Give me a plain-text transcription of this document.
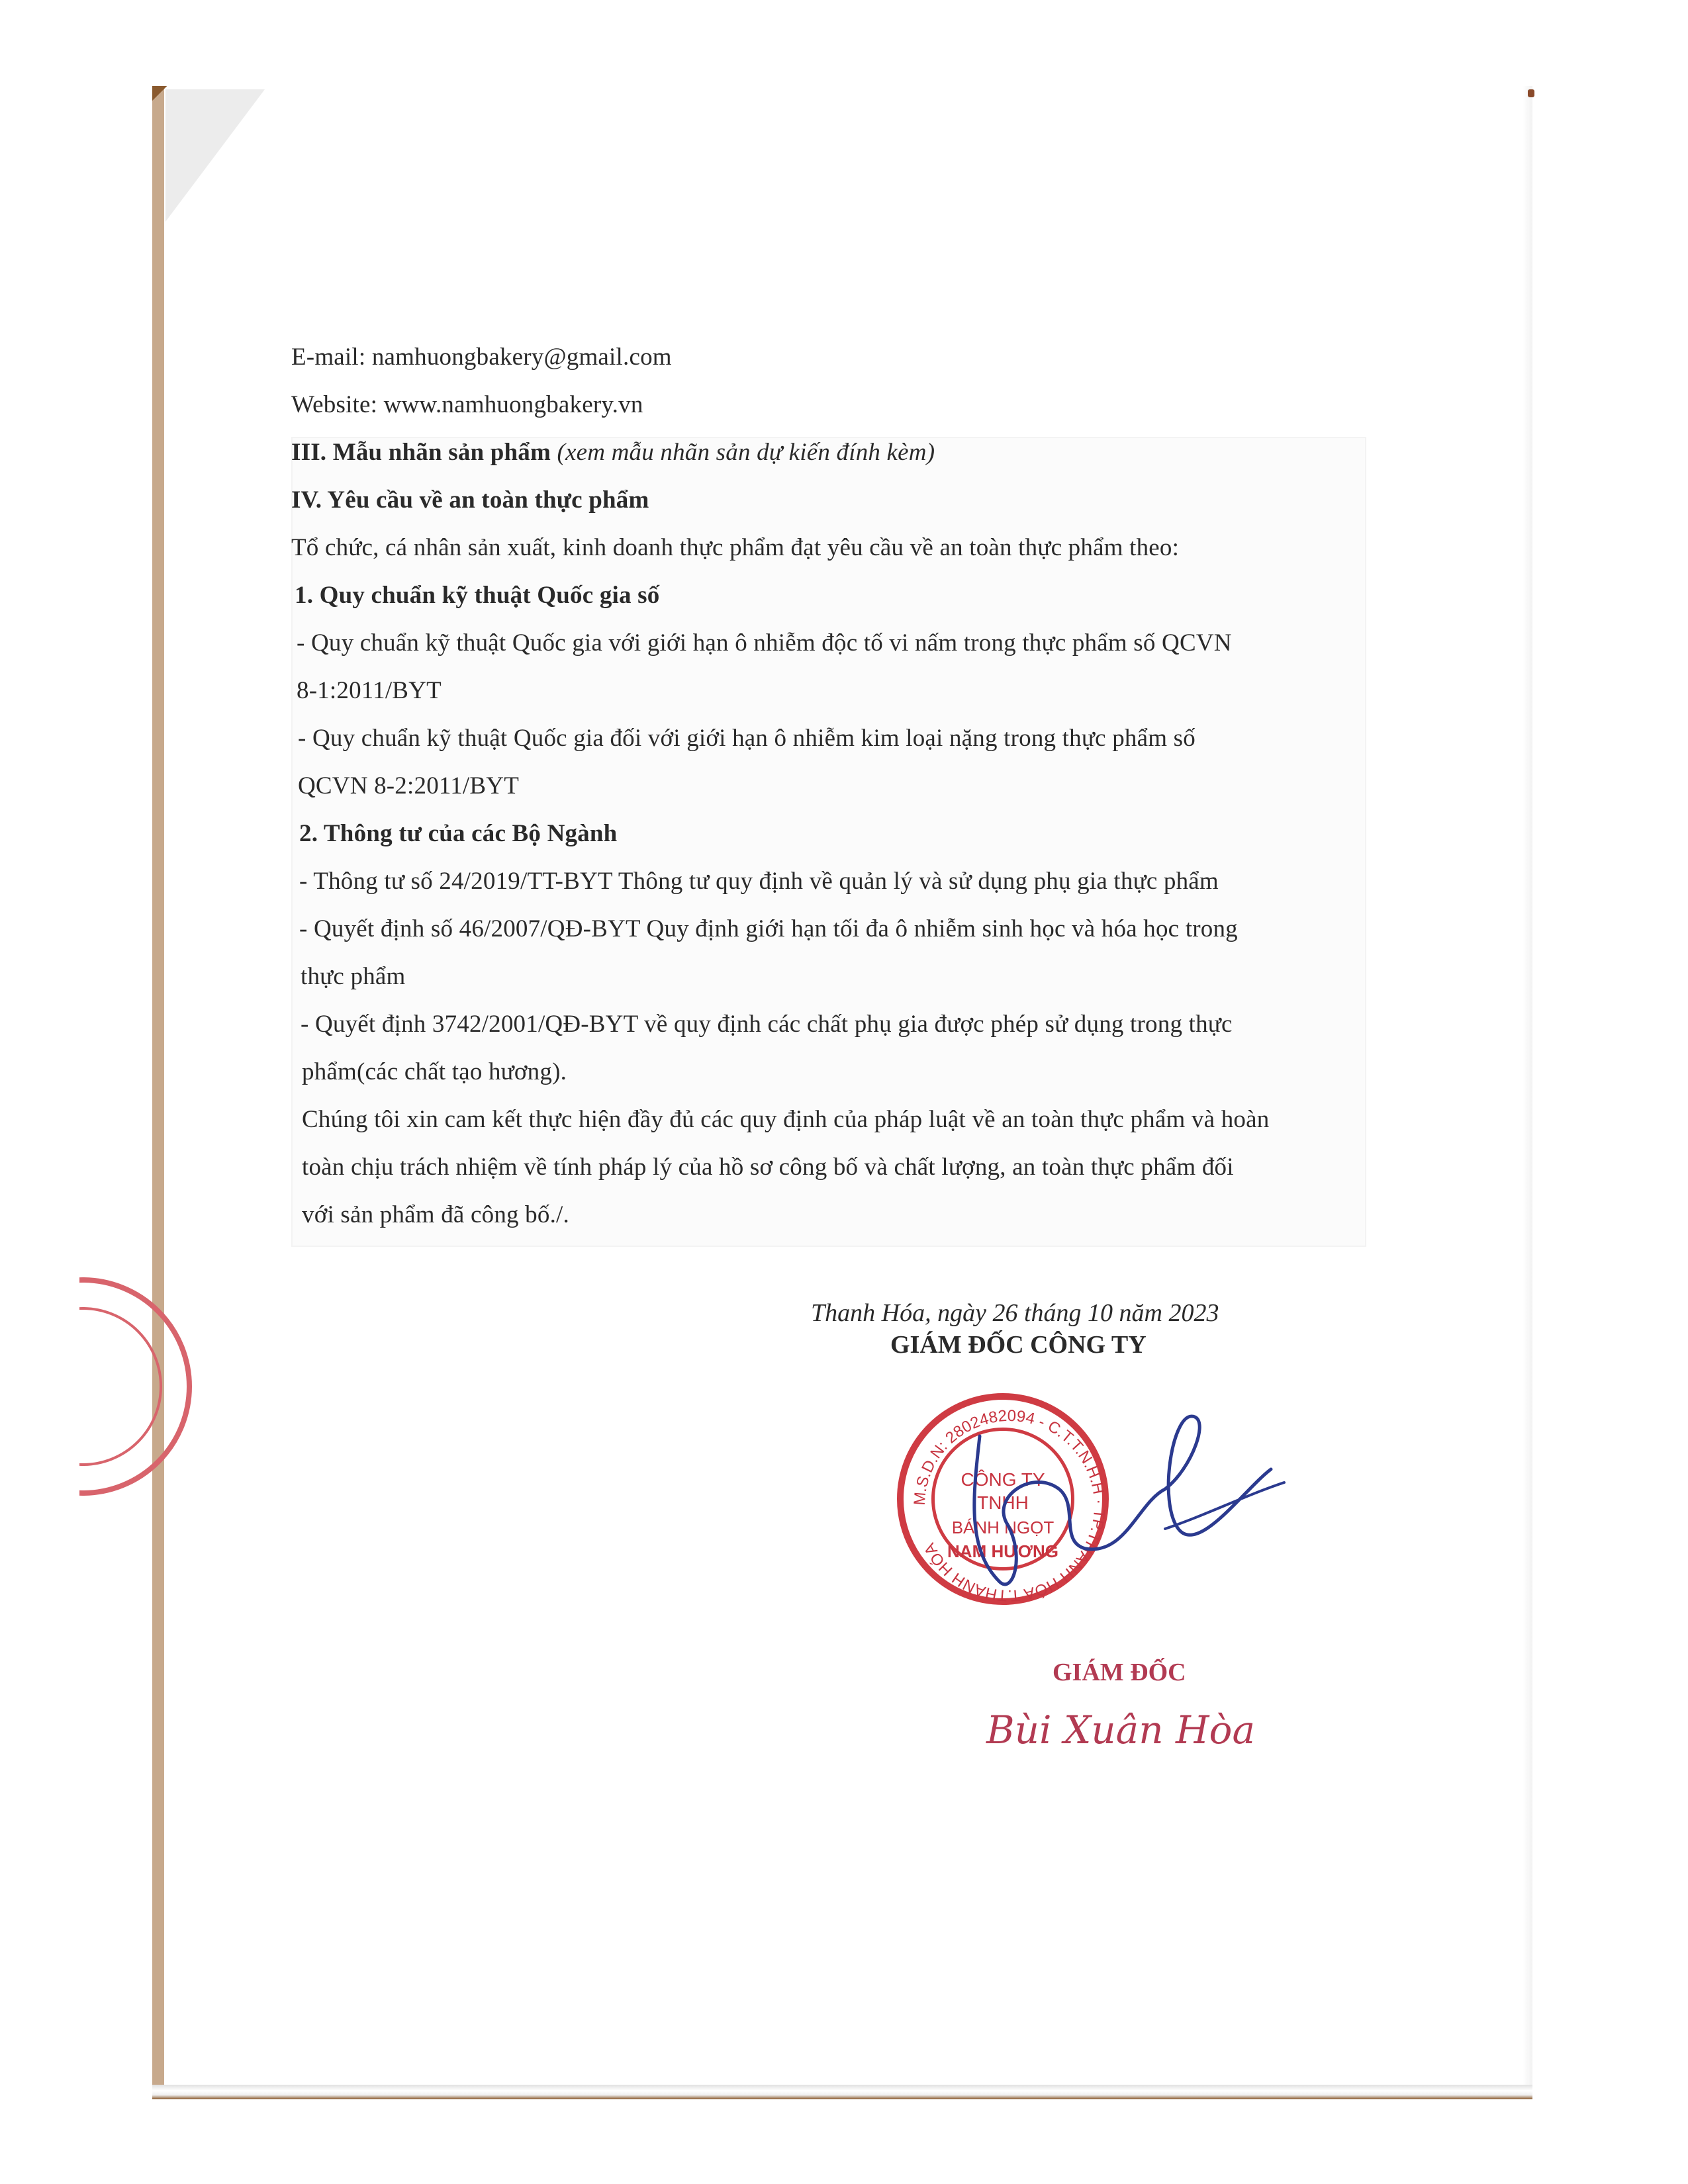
E-mail: namhuongbakery@gmail.com
Website: www.namhuongbakery.vn
III. Mẫu nhãn sản phẩm (xem mẫu nhãn sản dự kiến đính kèm)
IV. Yêu cầu về an toàn thực phẩm
Tổ chức, cá nhân sản xuất, kinh doanh thực phẩm đạt yêu cầu về an toàn thực phẩm theo:
1. Quy chuẩn kỹ thuật Quốc gia số
- Quy chuẩn kỹ thuật Quốc gia với giới hạn ô nhiễm độc tố vi nấm trong thực phẩm số QCVN
8-1:2011/BYT
- Quy chuẩn kỹ thuật Quốc gia đối với giới hạn ô nhiễm kim loại nặng trong thực phẩm số
QCVN 8-2:2011/BYT
2. Thông tư của các Bộ Ngành
- Thông tư số 24/2019/TT-BYT Thông tư quy định về quản lý và sử dụng phụ gia thực phẩm
- Quyết định số 46/2007/QĐ-BYT Quy định giới hạn tối đa ô nhiễm sinh học và hóa học trong
thực phẩm
- Quyết định 3742/2001/QĐ-BYT về quy định các chất phụ gia được phép sử dụng trong thực
phẩm(các chất tạo hương).
Chúng tôi xin cam kết thực hiện đầy đủ các quy định của pháp luật về an toàn thực phẩm và hoàn
toàn chịu trách nhiệm về tính pháp lý của hồ sơ công bố và chất lượng, an toàn thực phẩm đối
với sản phẩm đã công bố./.
Thanh Hóa, ngày 26 tháng 10 năm 2023
GIÁM ĐỐC CÔNG TY
CÔNG TY
TNHH
BÁNH NGỌT
NAM HƯƠNG
M.S.D.N: 2802482094 - C.T.T.N.H.H · TP.THANH HÓA T.THANH HÓA
GIÁM ĐỐC
Bùi Xuân Hòa
